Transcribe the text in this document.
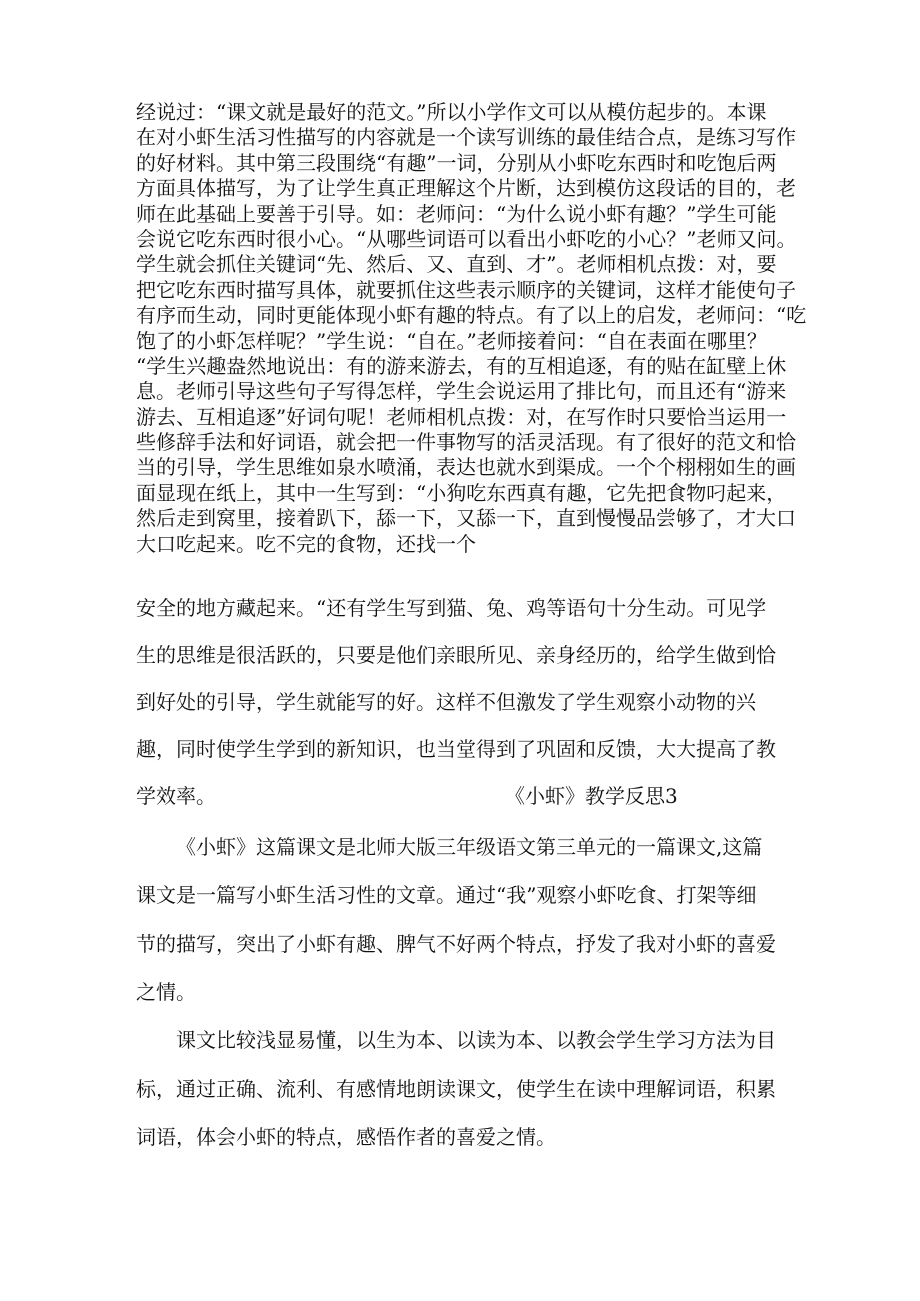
经说过：“课文就是最好的范文。”所以小学作文可以从模仿起步的。本课
在对小虾生活习性描写的内容就是一个读写训练的最佳结合点，是练习写作
的好材料。其中第三段围绕“有趣”一词，分别从小虾吃东西时和吃饱后两
方面具体描写，为了让学生真正理解这个片断，达到模仿这段话的目的，老
师在此基础上要善于引导。如：老师问：“为什么说小虾有趣？”学生可能
会说它吃东西时很小心。“从哪些词语可以看出小虾吃的小心？”老师又问。
学生就会抓住关键词“先、然后、又、直到、才”。老师相机点拨：对，要
把它吃东西时描写具体，就要抓住这些表示顺序的关键词，这样才能使句子
有序而生动，同时更能体现小虾有趣的特点。有了以上的启发，老师问：“吃
饱了的小虾怎样呢？”学生说：“自在。”老师接着问：“自在表面在哪里？
“学生兴趣盎然地说出：有的游来游去，有的互相追逐，有的贴在缸壁上休
息。老师引导这些句子写得怎样，学生会说运用了排比句，而且还有“游来
游去、互相追逐”好词句呢！老师相机点拨：对，在写作时只要恰当运用一
些修辞手法和好词语，就会把一件事物写的活灵活现。有了很好的范文和恰
当的引导，学生思维如泉水喷涌，表达也就水到渠成。一个个栩栩如生的画
面显现在纸上，其中一生写到：“小狗吃东西真有趣，它先把食物叼起来，
然后走到窝里，接着趴下，舔一下，又舔一下，直到慢慢品尝够了，才大口
大口吃起来。吃不完的食物，还找一个
安全的地方藏起来。“还有学生写到猫、兔、鸡等语句十分生动。可见学
生的思维是很活跃的，只要是他们亲眼所见、亲身经历的，给学生做到恰
到好处的引导，学生就能写的好。这样不但激发了学生观察小动物的兴
趣，同时使学生学到的新知识，也当堂得到了巩固和反馈，大大提高了教
学效率。	《小虾》教学反思3
《小虾》这篇课文是北师大版三年级语文第三单元的一篇课文,这篇
课文是一篇写小虾生活习性的文章。通过“我”观察小虾吃食、打架等细
节的描写，突出了小虾有趣、脾气不好两个特点，抒发了我对小虾的喜爱
之情。
课文比较浅显易懂，以生为本、以读为本、以教会学生学习方法为目
标，通过正确、流利、有感情地朗读课文，使学生在读中理解词语，积累
词语，体会小虾的特点，感悟作者的喜爱之情。
